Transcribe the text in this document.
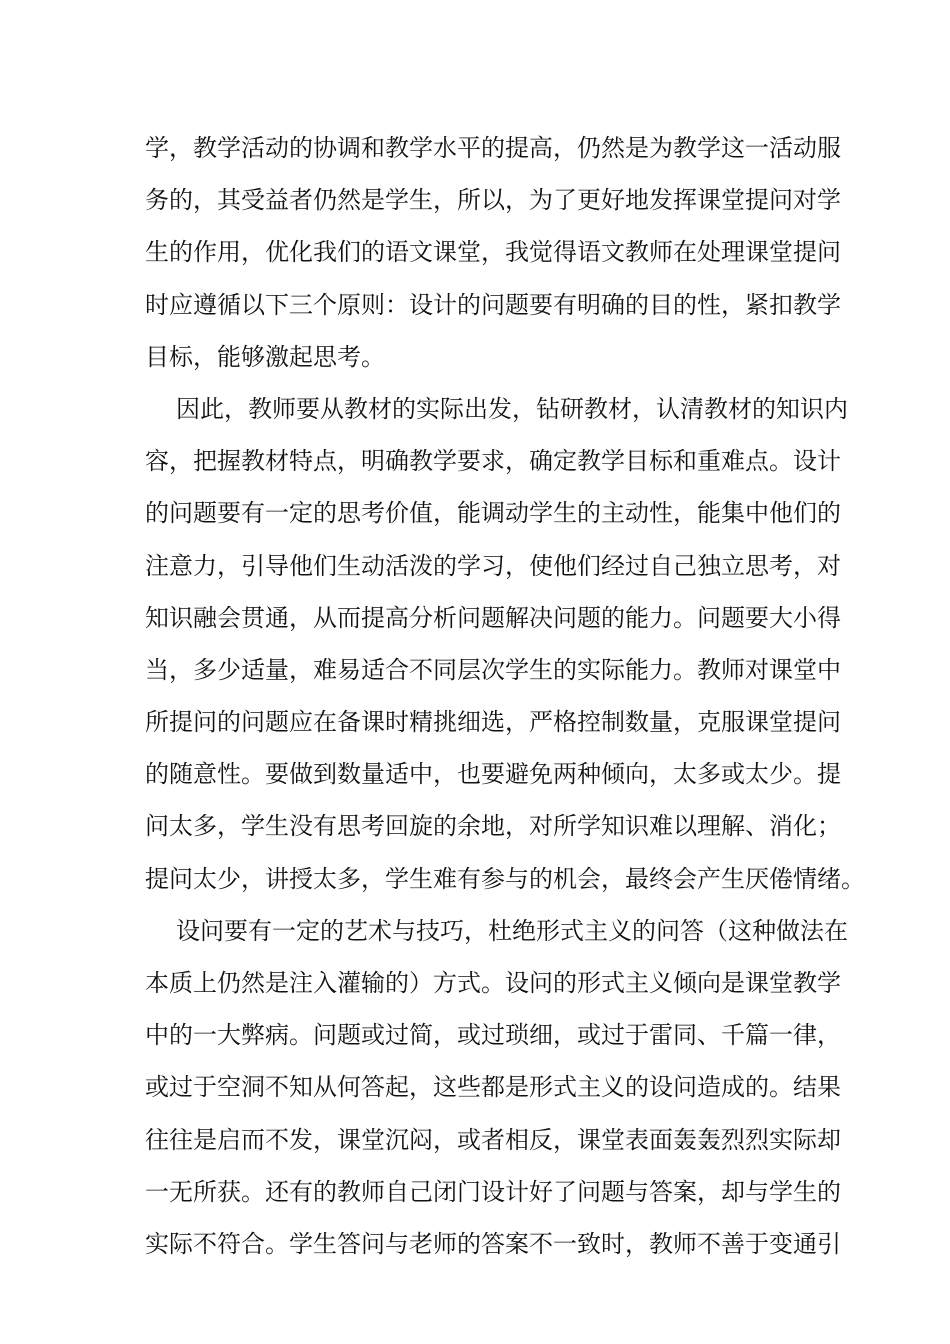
学，教学活动的协调和教学水平的提高，仍然是为教学这一活动服
务的，其受益者仍然是学生，所以，为了更好地发挥课堂提问对学
生的作用，优化我们的语文课堂，我觉得语文教师在处理课堂提问
时应遵循以下三个原则：设计的问题要有明确的目的性，紧扣教学
目标，能够激起思考。
因此，教师要从教材的实际出发，钻研教材，认清教材的知识内
容，把握教材特点，明确教学要求，确定教学目标和重难点。设计
的问题要有一定的思考价值，能调动学生的主动性，能集中他们的
注意力，引导他们生动活泼的学习，使他们经过自己独立思考，对
知识融会贯通，从而提高分析问题解决问题的能力。问题要大小得
当，多少适量，难易适合不同层次学生的实际能力。教师对课堂中
所提问的问题应在备课时精挑细选，严格控制数量，克服课堂提问
的随意性。要做到数量适中，也要避免两种倾向，太多或太少。提
问太多，学生没有思考回旋的余地，对所学知识难以理解、消化；
提问太少，讲授太多，学生难有参与的机会，最终会产生厌倦情绪。
设问要有一定的艺术与技巧，杜绝形式主义的问答（这种做法在
本质上仍然是注入灌输的）方式。设问的形式主义倾向是课堂教学
中的一大弊病。问题或过简，或过琐细，或过于雷同、千篇一律，
或过于空洞不知从何答起，这些都是形式主义的设问造成的。结果
往往是启而不发，课堂沉闷，或者相反，课堂表面轰轰烈烈实际却
一无所获。还有的教师自己闭门设计好了问题与答案，却与学生的
实际不符合。学生答问与老师的答案不一致时，教师不善于变通引
